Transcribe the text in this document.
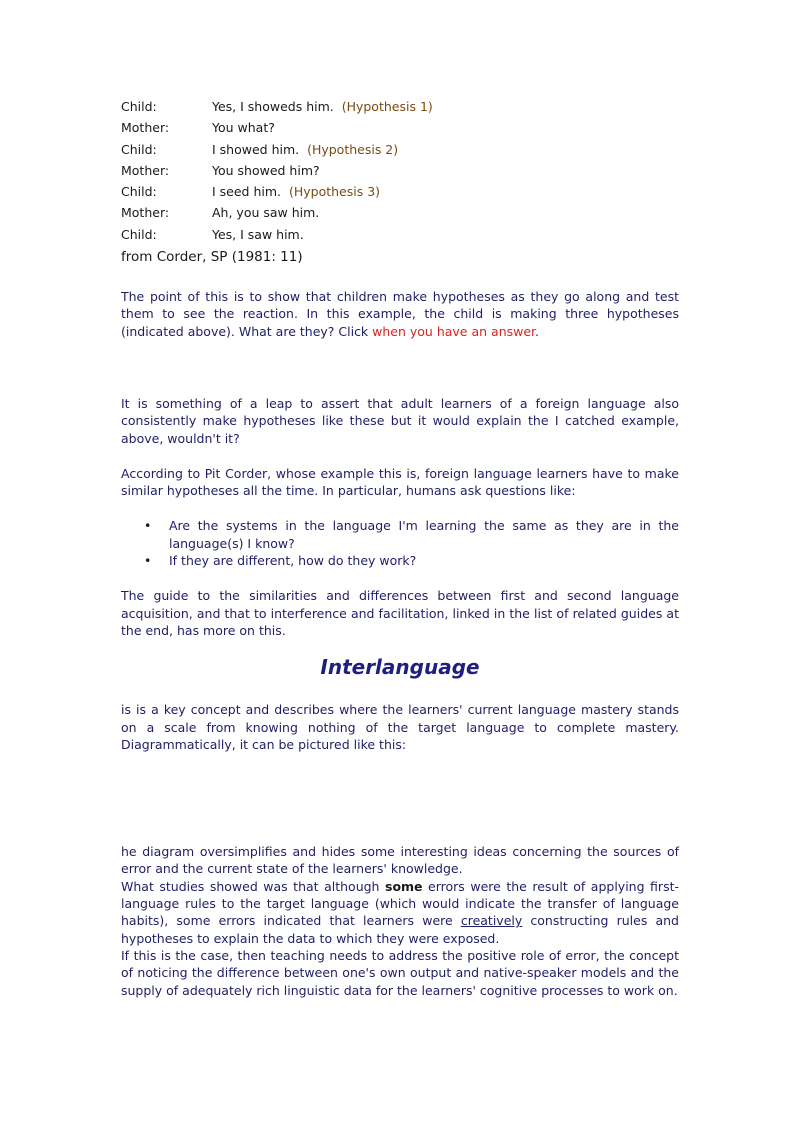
Child:	Yes, I showeds him. (Hypothesis 1)
Mother:	You what?
Child:	I showed him. (Hypothesis 2)
Mother:	You showed him?
Child:	I seed him. (Hypothesis 3)
Mother:	Ah, you saw him.
Child:	Yes, I saw him.
from Corder, SP (1981: 11)

The point of this is to show that children make hypotheses as they go along and test them to see the reaction. In this example, the child is making three hypotheses (indicated above). What are they? Click when you have an answer.

It is something of a leap to assert that adult learners of a foreign language also consistently make hypotheses like these but it would explain the I catched example, above, wouldn't it?

According to Pit Corder, whose example this is, foreign language learners have to make similar hypotheses all the time. In particular, humans ask questions like:

• Are the systems in the language I'm learning the same as they are in the language(s) I know?
• If they are different, how do they work?

The guide to the similarities and differences between first and second language acquisition, and that to interference and facilitation, linked in the list of related guides at the end, has more on this.

Interlanguage

is is a key concept and describes where the learners' current language mastery stands on a scale from knowing nothing of the target language to complete mastery. Diagrammatically, it can be pictured like this:

he diagram oversimplifies and hides some interesting ideas concerning the sources of error and the current state of the learners' knowledge.

What studies showed was that although some errors were the result of applying first-language rules to the target language (which would indicate the transfer of language habits), some errors indicated that learners were creatively constructing rules and hypotheses to explain the data to which they were exposed.

If this is the case, then teaching needs to address the positive role of error, the concept of noticing the difference between one's own output and native-speaker models and the supply of adequately rich linguistic data for the learners' cognitive processes to work on.
